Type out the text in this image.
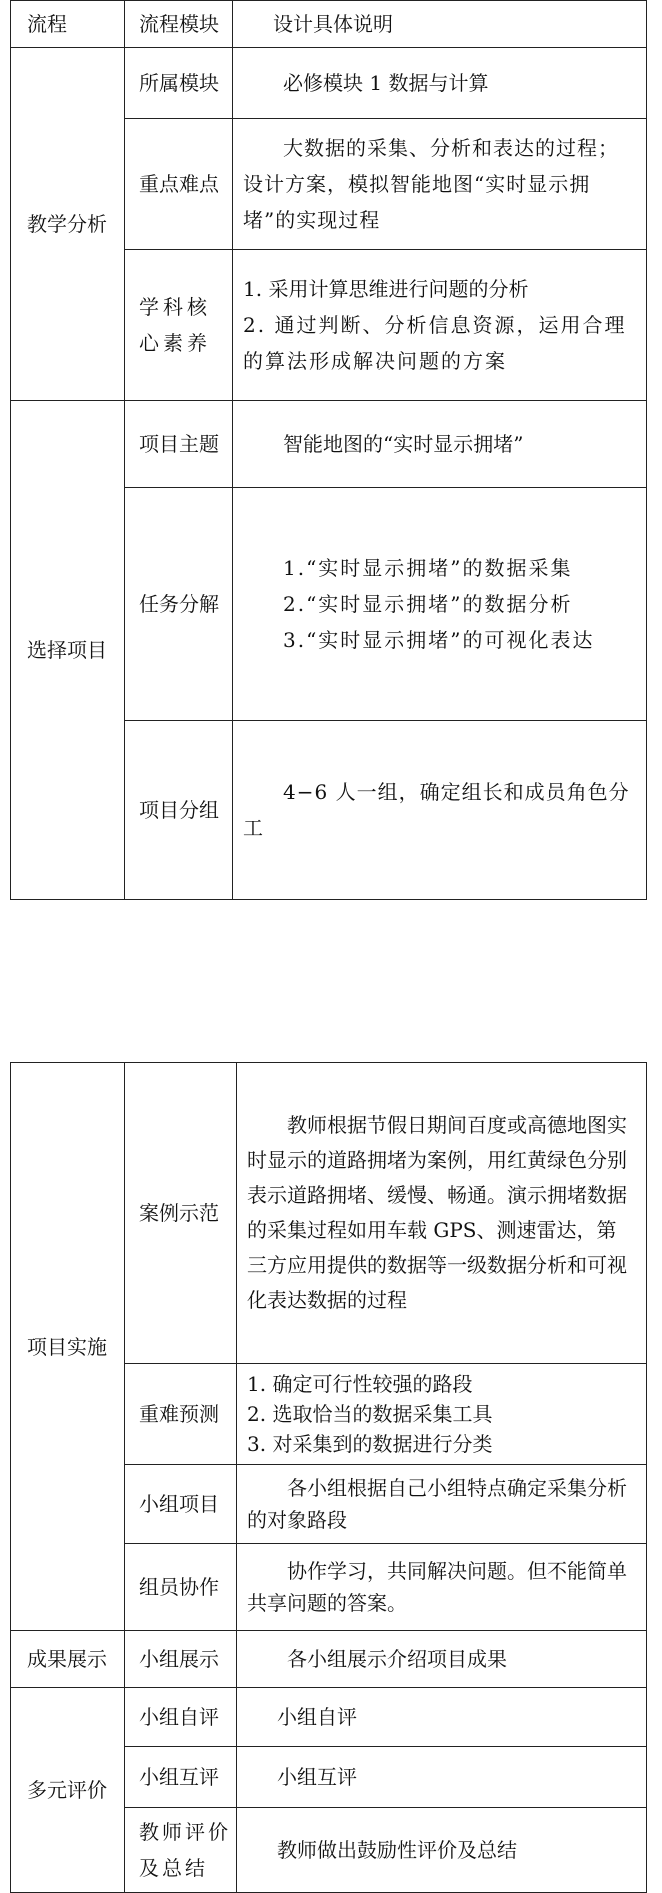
流程	流程模块	设计具体说明
教学分析	所属模块	必修模块 1 数据与计算
	重点难点	大数据的采集、分析和表达的过程；设计方案，模拟智能地图“实时显示拥堵”的实现过程

	学科核心素养	1. 采用计算思维进行问题的分析
2. 通过判断、分析信息资源，运用合理的算法形成解决问题的方案

选择项目	项目主题	智能地图的“实时显示拥堵”
	任务分解	1.“实时显示拥堵”的数据采集
2.“实时显示拥堵”的数据分析
3.“实时显示拥堵”的可视化表达

	项目分组	4−6 人一组，确定组长和成员角色分工
项目实施	案例示范	教师根据节假日期间百度或高德地图实时显示的道路拥堵为案例，用红黄绿色分别表示道路拥堵、缓慢、畅通。演示拥堵数据的采集过程如用车载 GPS、测速雷达，第三方应用提供的数据等一级数据分析和可视化表达数据的过程
	重难预测	1. 确定可行性较强的路段
2. 选取恰当的数据采集工具
3. 对采集到的数据进行分类

	小组项目	各小组根据自己小组特点确定采集分析的对象路段
	组员协作	协作学习，共同解决问题。但不能简单共享问题的答案。
成果展示	小组展示	各小组展示介绍项目成果
多元评价	小组自评	小组自评
	小组互评	小组互评

	教师评价及总结	教师做出鼓励性评价及总结
